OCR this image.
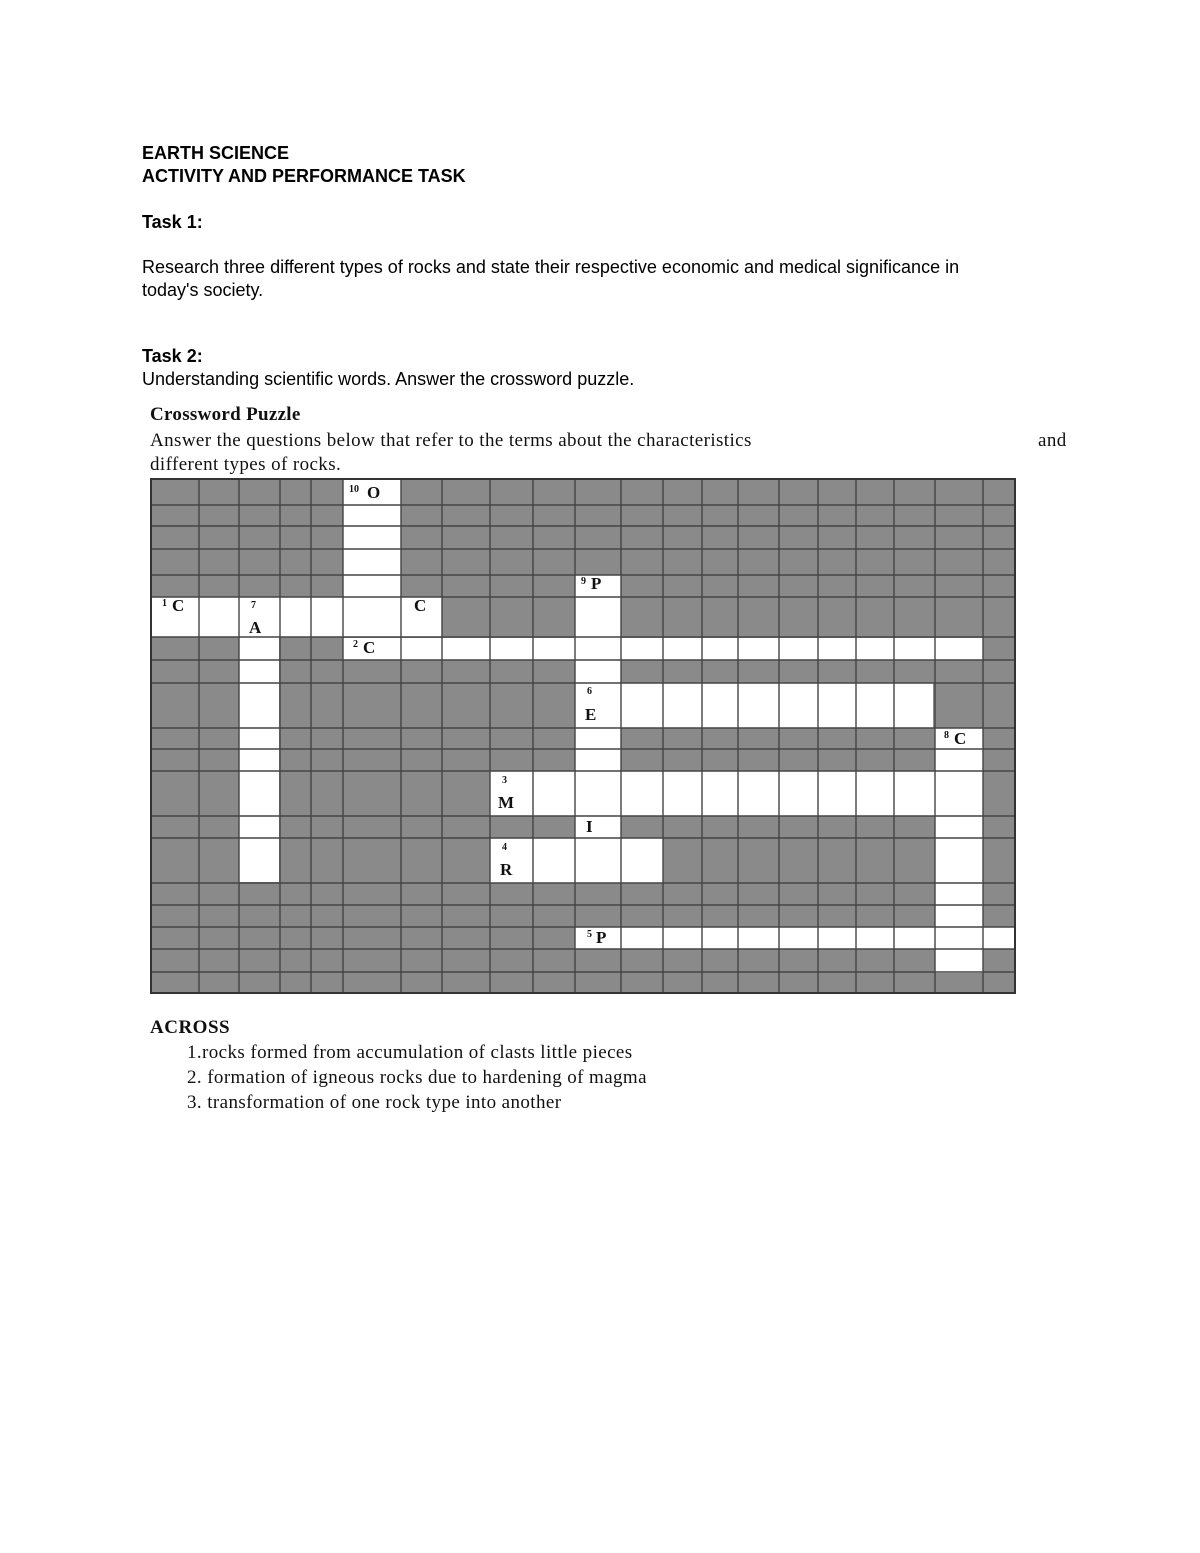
EARTH SCIENCE
ACTIVITY AND PERFORMANCE TASK
Task 1:
Research three different types of rocks and state their respective economic and medical significance in
today's society.
Task 2:
Understanding scientific words. Answer the crossword puzzle.
Crossword Puzzle
Answer the questions below that refer to the terms about the characteristics	and
different types of rocks.
10 O
9 P
1 C	7
A
C
2 C
6
E
8 C
3
M
I
4
R
5 P
ACROSS
1.rocks formed from accumulation of clasts little pieces
2. formation of igneous rocks due to hardening of magma
3. transformation of one rock type into another
